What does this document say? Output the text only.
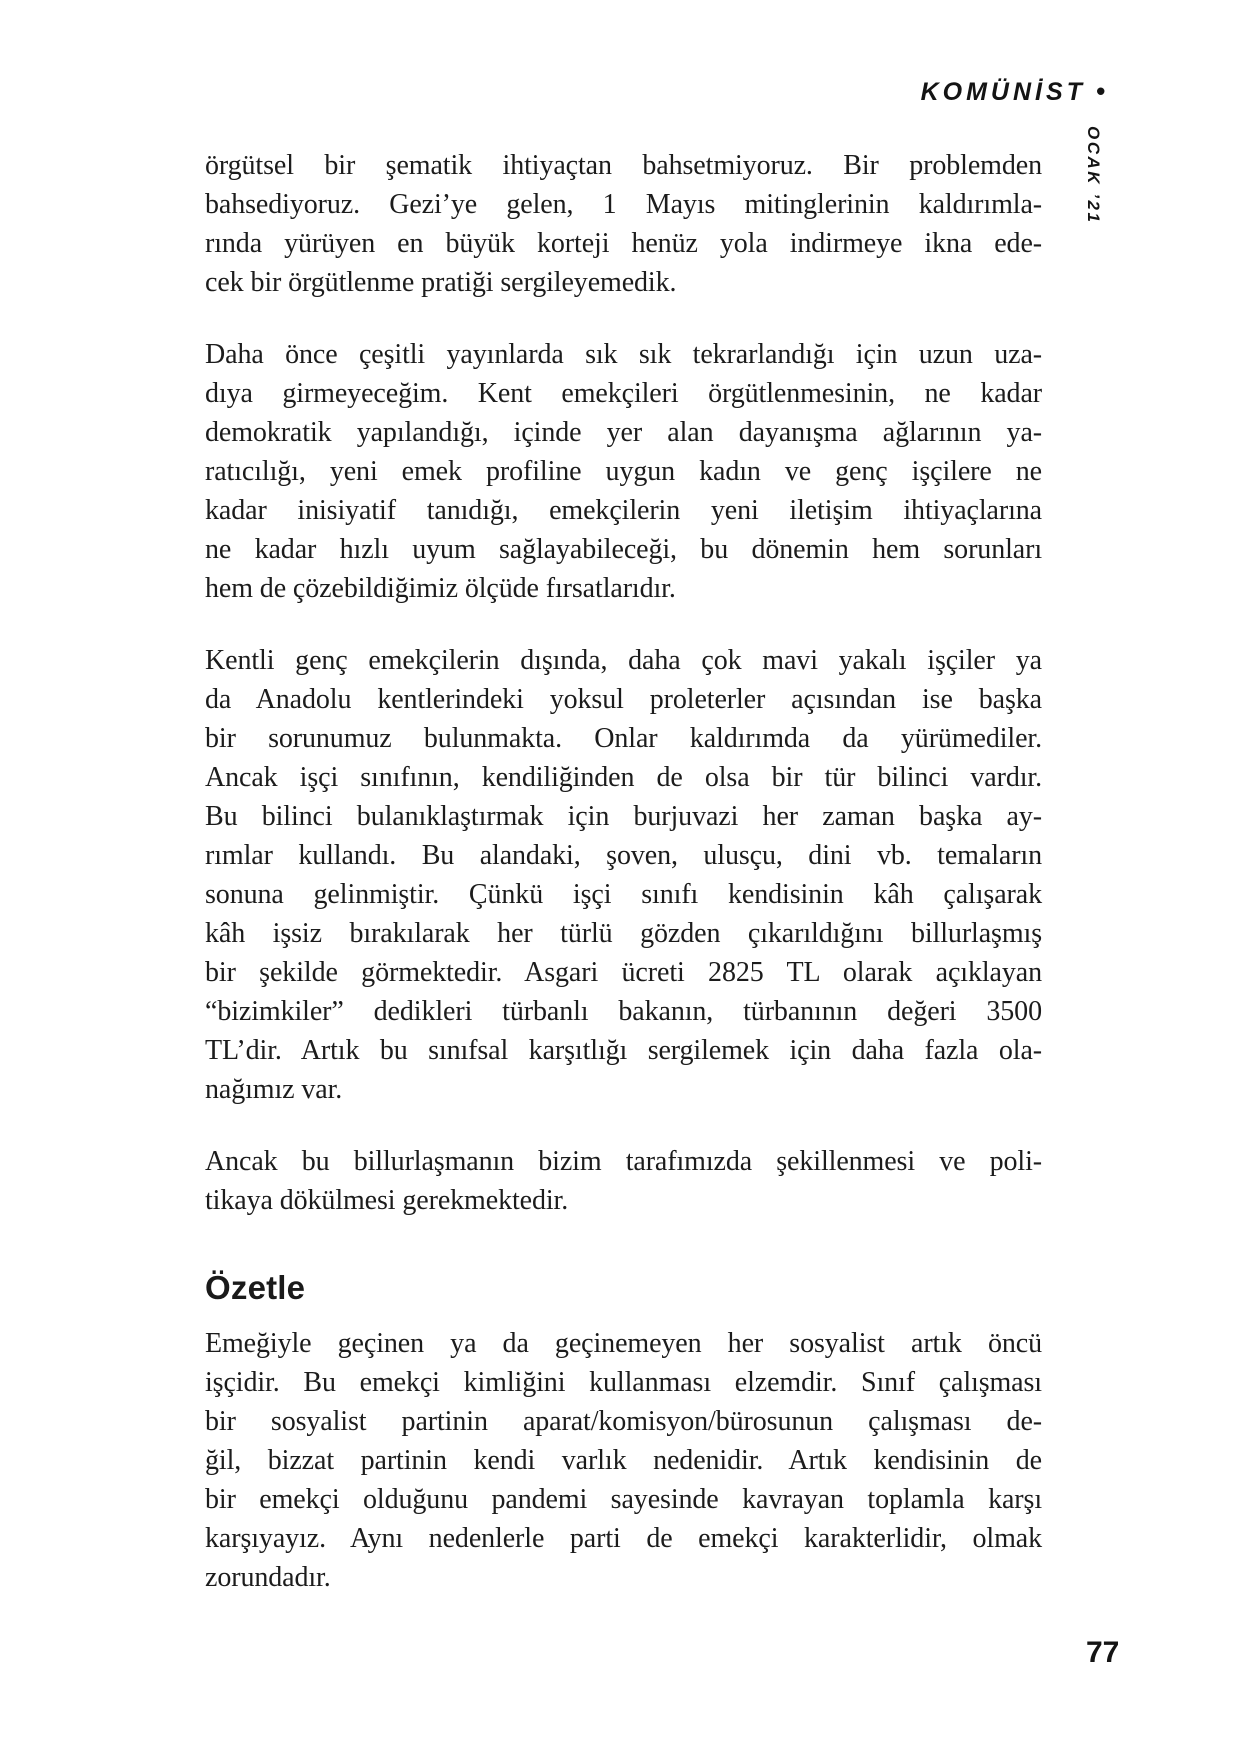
KOMÜNİST •
OCAK ’21

örgütsel bir şematik ihtiyaçtan bahsetmiyoruz. Bir problemden
bahsediyoruz. Gezi’ye gelen, 1 Mayıs mitinglerinin kaldırımla-
rında yürüyen en büyük korteji henüz yola indirmeye ikna ede-
cek bir örgütlenme pratiği sergileyemedik.

Daha önce çeşitli yayınlarda sık sık tekrarlandığı için uzun uza-
dıya girmeyeceğim. Kent emekçileri örgütlenmesinin, ne kadar
demokratik yapılandığı, içinde yer alan dayanışma ağlarının ya-
ratıcılığı, yeni emek profiline uygun kadın ve genç işçilere ne
kadar inisiyatif tanıdığı, emekçilerin yeni iletişim ihtiyaçlarına
ne kadar hızlı uyum sağlayabileceği, bu dönemin hem sorunları
hem de çözebildiğimiz ölçüde fırsatlarıdır.

Kentli genç emekçilerin dışında, daha çok mavi yakalı işçiler ya
da Anadolu kentlerindeki yoksul proleterler açısından ise başka
bir sorunumuz bulunmakta. Onlar kaldırımda da yürümediler.
Ancak işçi sınıfının, kendiliğinden de olsa bir tür bilinci vardır.
Bu bilinci bulanıklaştırmak için burjuvazi her zaman başka ay-
rımlar kullandı. Bu alandaki, şoven, ulusçu, dini vb. temaların
sonuna gelinmiştir. Çünkü işçi sınıfı kendisinin kâh çalışarak
kâh işsiz bırakılarak her türlü gözden çıkarıldığını billurlaşmış
bir şekilde görmektedir. Asgari ücreti 2825 TL olarak açıklayan
“bizimkiler” dedikleri türbanlı bakanın, türbanının değeri 3500
TL’dir. Artık bu sınıfsal karşıtlığı sergilemek için daha fazla ola-
nağımız var.

Ancak bu billurlaşmanın bizim tarafımızda şekillenmesi ve poli-
tikaya dökülmesi gerekmektedir.

Özetle

Emeğiyle geçinen ya da geçinemeyen her sosyalist artık öncü
işçidir. Bu emekçi kimliğini kullanması elzemdir. Sınıf çalışması
bir sosyalist partinin aparat/komisyon/bürosunun çalışması de-
ğil, bizzat partinin kendi varlık nedenidir. Artık kendisinin de
bir emekçi olduğunu pandemi sayesinde kavrayan toplamla karşı
karşıyayız. Aynı nedenlerle parti de emekçi karakterlidir, olmak
zorundadır.

77
